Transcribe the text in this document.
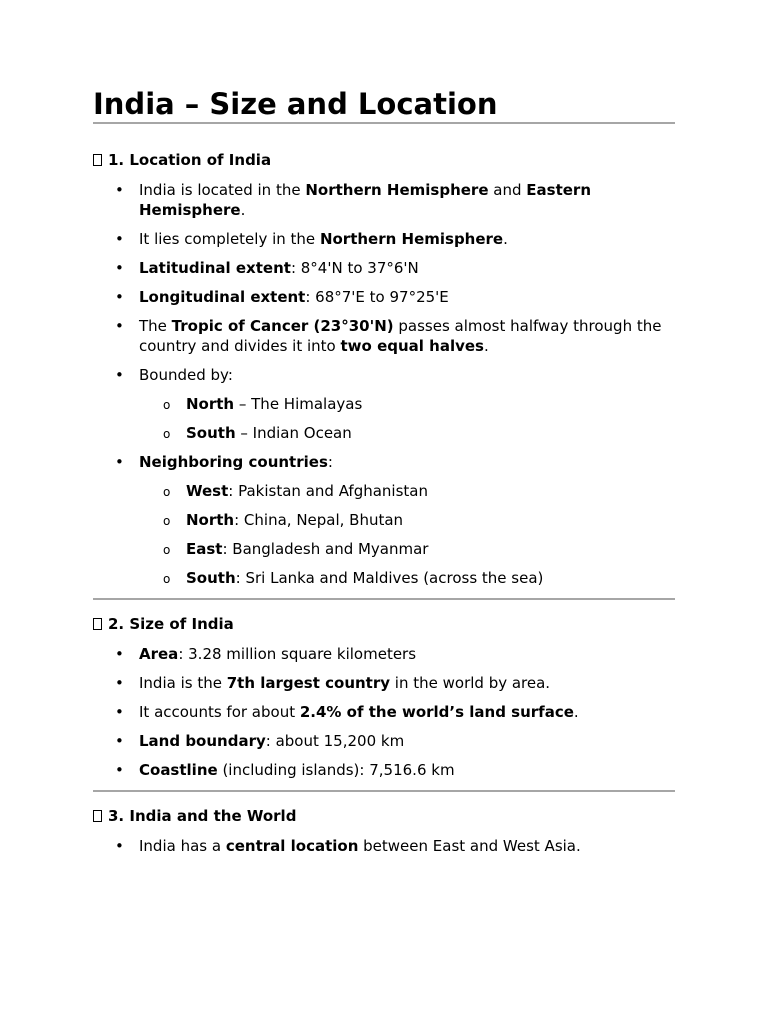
India – Size and Location
1. Location of India
• India is located in the Northern Hemisphere and Eastern Hemisphere.
• It lies completely in the Northern Hemisphere.
• Latitudinal extent: 8°4'N to 37°6'N
• Longitudinal extent: 68°7'E to 97°25'E
• The Tropic of Cancer (23°30'N) passes almost halfway through the country and divides it into two equal halves.
• Bounded by:
o North – The Himalayas
o South – Indian Ocean
• Neighboring countries:
o West: Pakistan and Afghanistan
o North: China, Nepal, Bhutan
o East: Bangladesh and Myanmar
o South: Sri Lanka and Maldives (across the sea)
2. Size of India
• Area: 3.28 million square kilometers
• India is the 7th largest country in the world by area.
• It accounts for about 2.4% of the world’s land surface.
• Land boundary: about 15,200 km
• Coastline (including islands): 7,516.6 km
3. India and the World
• India has a central location between East and West Asia.
